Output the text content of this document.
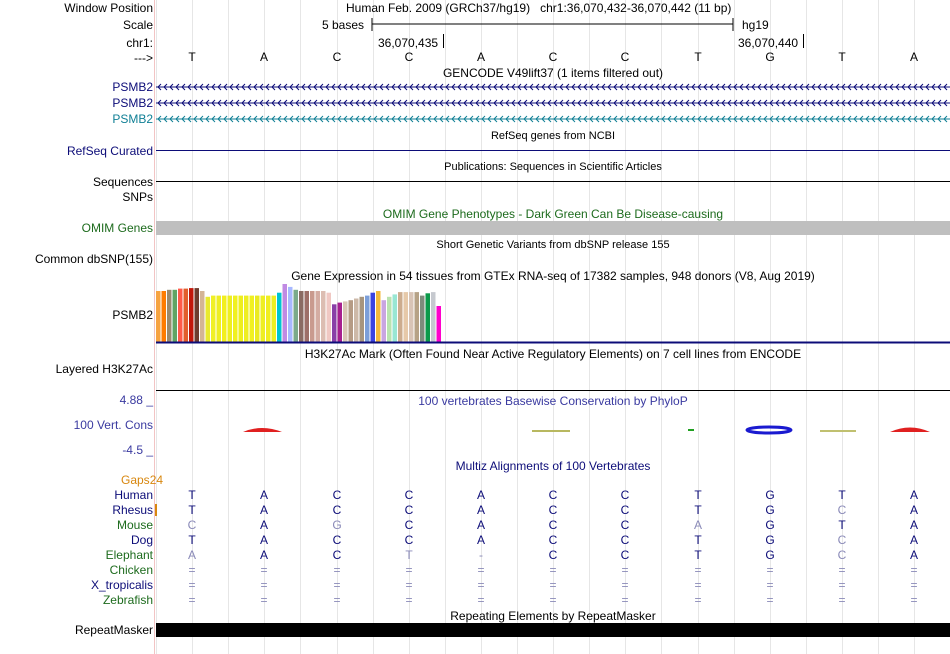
Window Position	Human Feb. 2009 (GRCh37/hg19)   chr1:36,070,432-36,070,442 (11 bp)
Scale	5 bases	hg19
chr1:	36,070,435	36,070,440
--->	T	A	C	C	A	C	C	T	G	T	A
GENCODE V49lift37 (1 items filtered out)
PSMB2
PSMB2
PSMB2
RefSeq genes from NCBI
RefSeq Curated
Publications: Sequences in Scientific Articles
Sequences
SNPs
OMIM Gene Phenotypes - Dark Green Can Be Disease-causing
OMIM Genes
Short Genetic Variants from dbSNP release 155
Common dbSNP(155)
Gene Expression in 54 tissues from GTEx RNA-seq of 17382 samples, 948 donors (V8, Aug 2019)
PSMB2
H3K27Ac Mark (Often Found Near Active Regulatory Elements) on 7 cell lines from ENCODE
Layered H3K27Ac
100 vertebrates Basewise Conservation by PhyloP
4.88 _
100 Vert. Cons
-4.5 _
Multiz Alignments of 100 Vertebrates
Gaps24
Human	T	A	C	C	A	C	C	T	G	T	A
Rhesus	T	A	C	C	A	C	C	T	G	C	A
Mouse	C	A	G	C	A	C	C	A	G	T	A
Dog	T	A	C	C	A	C	C	T	G	C	A
Elephant	A	A	C	T	-	C	C	T	G	C	A
Chicken	=	=	=	=	=	=	=	=	=	=	=
X_tropicalis	=	=	=	=	=	=	=	=	=	=	=
Zebrafish	=	=	=	=	=	=	=	=	=	=	=
Repeating Elements by RepeatMasker
RepeatMasker
